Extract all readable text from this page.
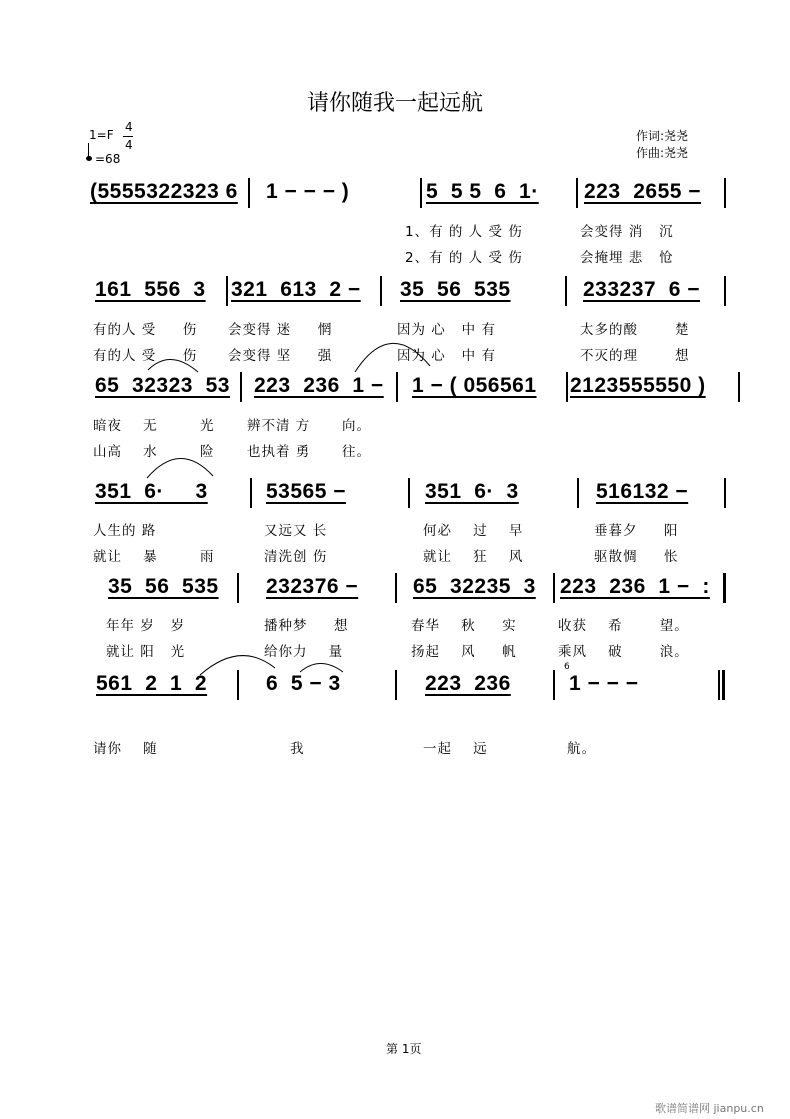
请你随我一起远航
1=F
4
4
=68
作词:尧尧
作曲:尧尧
(5555322323 6 1 − − − )	5  5 5  6  1· 223  2655 −
1、有 的 人 受 伤	会变得 消   沉
2、有 的 人 受 伤	会掩埋 悲   怆
161  556  3 321  613  2 − 35  56  535	233237  6 −
有的人 受     伤 会变得 迷     惘	因为 心   中 有	太多的酸       楚
有的人 受     伤 会变得 坚     强	因为 心   中 有	不灭的理       想
65  32323  53 223  236  1 − 1 − ( 056561 2123555550 )
暗夜    无        光 辨不清 方      向。
山高    水        险 也执着 勇      往。
351  6·     3	53565 −	351  6·  3	516132 −
人生的 路	又远又 长	何必    过    早	垂暮夕     阳
就让    暴        雨	清洗创 伤	就让    狂    风	驱散惆     怅
35  56  535 232376 −	65  32235  3 223  236  1 −  :
年年 岁   岁	播种梦     想	春华    秋     实	收获    希       望。
就让 阳   光	给你力    量	扬起    风     帆	乘风    破       浪。
561  2  1  2	6  5 − 3	223  236
6
1 − − −
请你    随	我	一起    远	航。
第 1页
歌谱简谱网 jianpu.cn
